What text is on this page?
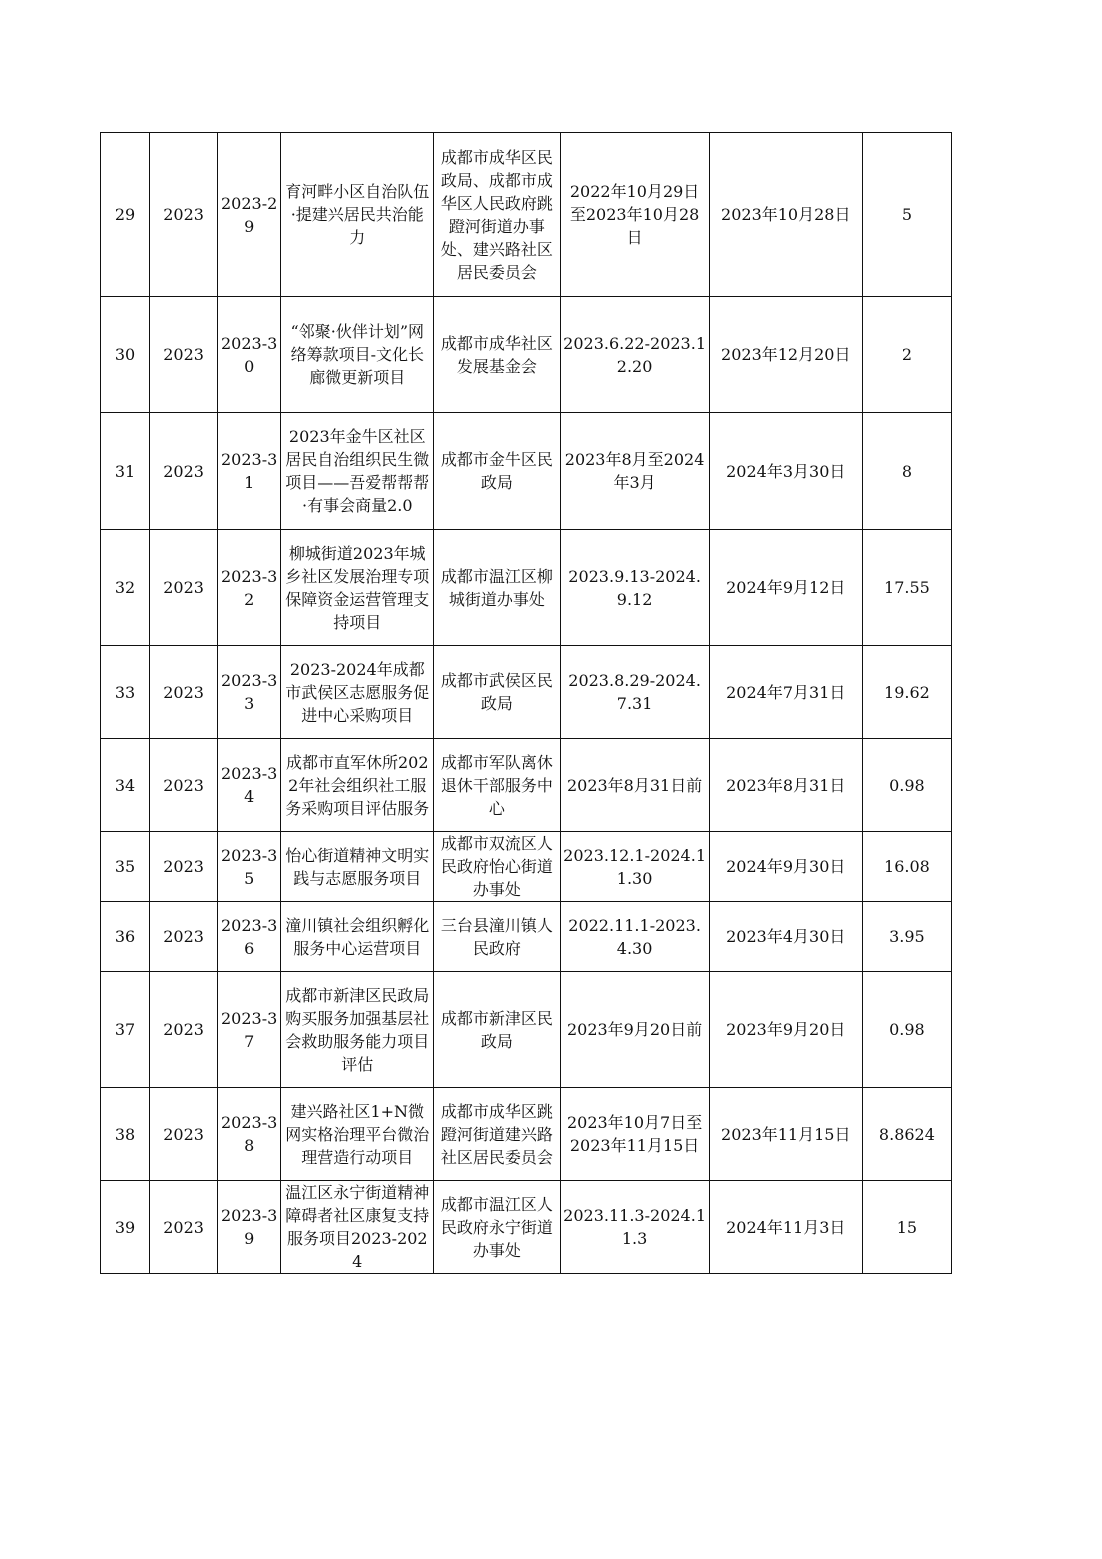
29	2023	2023-29	育河畔小区自治队伍·提建兴居民共治能力	成都市成华区民政局、成都市成华区人民政府跳蹬河街道办事处、建兴路社区居民委员会	2022年10月29日至2023年10月28日	2023年10月28日	5
30	2023	2023-30	“邻聚·伙伴计划”网络筹款项目-文化长廊微更新项目	成都市成华社区发展基金会	2023.6.22-2023.12.20	2023年12月20日	2
31	2023	2023-31	2023年金牛区社区居民自治组织民生微项目——吾爱帮帮帮·有事会商量2.0	成都市金牛区民政局	2023年8月至2024年3月	2024年3月30日	8
32	2023	2023-32	柳城街道2023年城乡社区发展治理专项保障资金运营管理支持项目	成都市温江区柳城街道办事处	2023.9.13-2024.9.12	2024年9月12日	17.55
33	2023	2023-33	2023-2024年成都市武侯区志愿服务促进中心采购项目	成都市武侯区民政局	2023.8.29-2024.7.31	2024年7月31日	19.62
34	2023	2023-34	成都市直军休所2022年社会组织社工服务采购项目评估服务	成都市军队离休退休干部服务中心	2023年8月31日前	2023年8月31日	0.98
35	2023	2023-35	怡心街道精神文明实践与志愿服务项目	成都市双流区人民政府怡心街道办事处	2023.12.1-2024.11.30	2024年9月30日	16.08
36	2023	2023-36	潼川镇社会组织孵化服务中心运营项目	三台县潼川镇人民政府	2022.11.1-2023.4.30	2023年4月30日	3.95
37	2023	2023-37	成都市新津区民政局购买服务加强基层社会救助服务能力项目评估	成都市新津区民政局	2023年9月20日前	2023年9月20日	0.98
38	2023	2023-38	建兴路社区1+N微网实格治理平台微治理营造行动项目	成都市成华区跳蹬河街道建兴路社区居民委员会	2023年10月7日至2023年11月15日	2023年11月15日	8.8624
39	2023	2023-39	温江区永宁街道精神障碍者社区康复支持服务项目2023-2024	成都市温江区人民政府永宁街道办事处	2023.11.3-2024.11.3	2024年11月3日	15
